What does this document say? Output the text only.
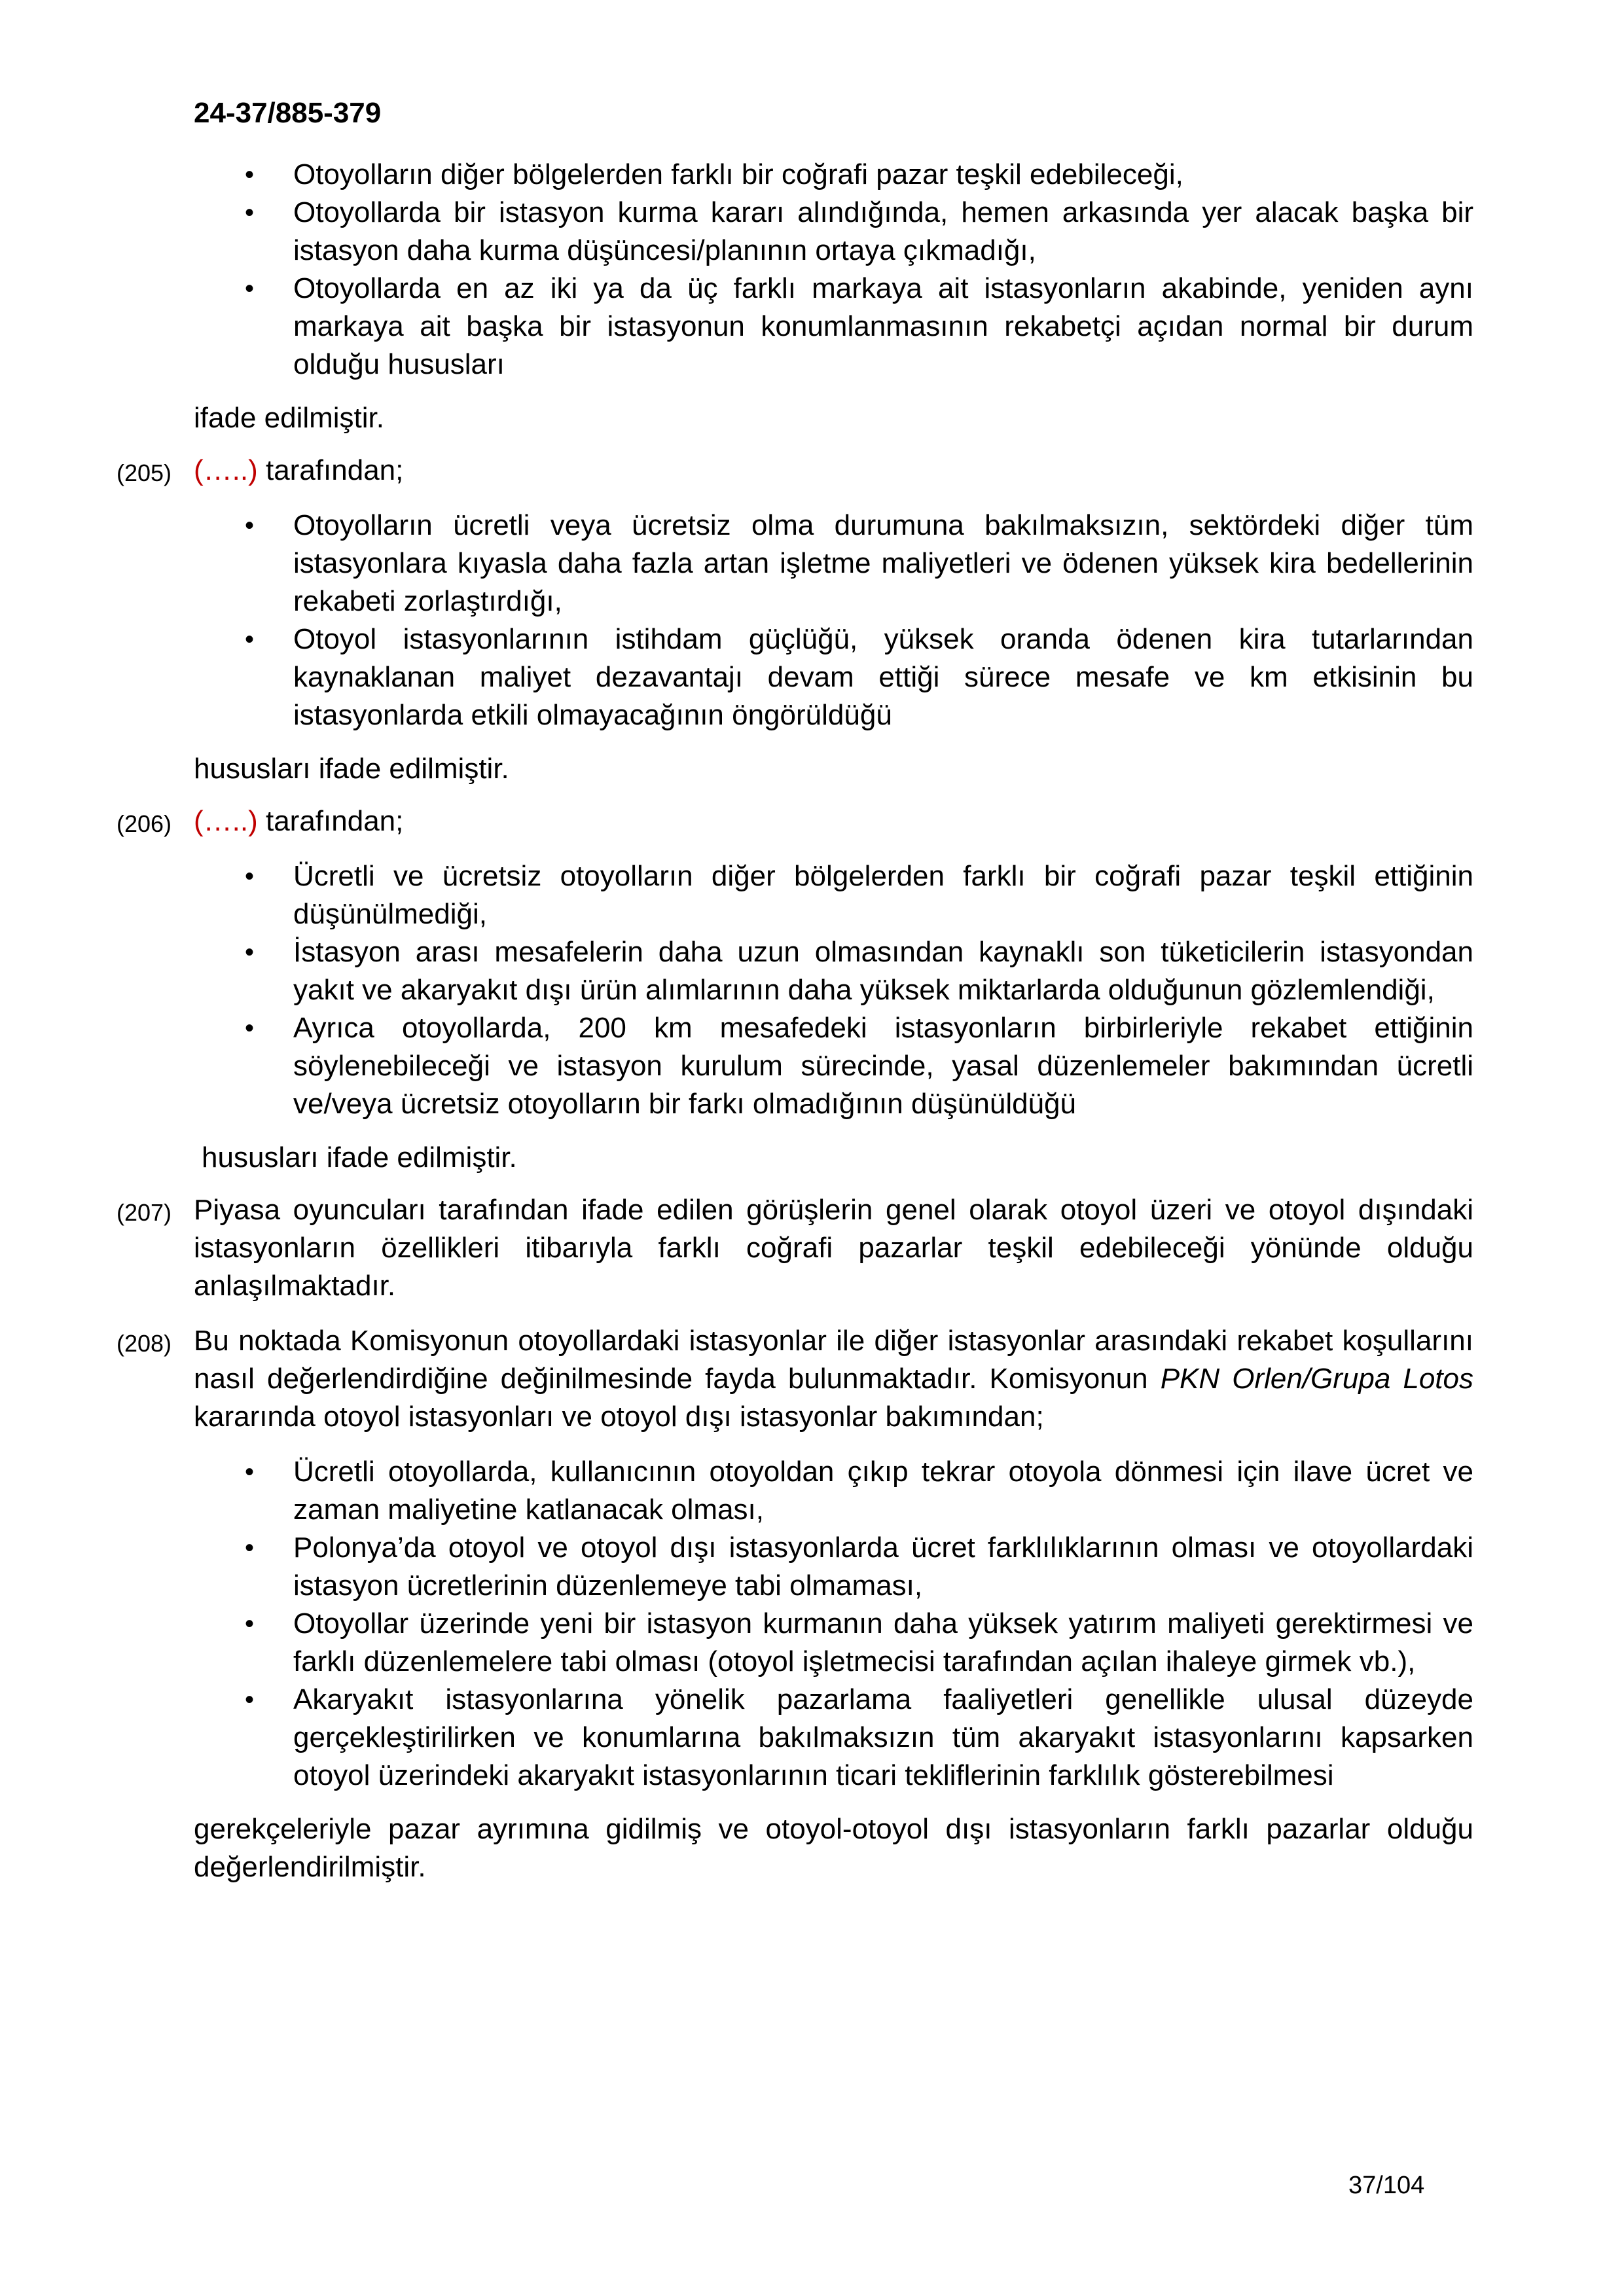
24-37/885-379
• Otoyolların diğer bölgelerden farklı bir coğrafi pazar teşkil edebileceği,
• Otoyollarda bir istasyon kurma kararı alındığında, hemen arkasında yer alacak başka bir istasyon daha kurma düşüncesi/planının ortaya çıkmadığı,
• Otoyollarda en az iki ya da üç farklı markaya ait istasyonların akabinde, yeniden aynı markaya ait başka bir istasyonun konumlanmasının rekabetçi açıdan normal bir durum olduğu hususları
ifade edilmiştir.
(205) (…..) tarafından;
• Otoyolların ücretli veya ücretsiz olma durumuna bakılmaksızın, sektördeki diğer tüm istasyonlara kıyasla daha fazla artan işletme maliyetleri ve ödenen yüksek kira bedellerinin rekabeti zorlaştırdığı,
• Otoyol istasyonlarının istihdam güçlüğü, yüksek oranda ödenen kira tutarlarından kaynaklanan maliyet dezavantajı devam ettiği sürece mesafe ve km etkisinin bu istasyonlarda etkili olmayacağının öngörüldüğü
hususları ifade edilmiştir.
(206) (…..) tarafından;
• Ücretli ve ücretsiz otoyolların diğer bölgelerden farklı bir coğrafi pazar teşkil ettiğinin düşünülmediği,
• İstasyon arası mesafelerin daha uzun olmasından kaynaklı son tüketicilerin istasyondan yakıt ve akaryakıt dışı ürün alımlarının daha yüksek miktarlarda olduğunun gözlemlendiği,
• Ayrıca otoyollarda, 200 km mesafedeki istasyonların birbirleriyle rekabet ettiğinin söylenebileceği ve istasyon kurulum sürecinde, yasal düzenlemeler bakımından ücretli ve/veya ücretsiz otoyolların bir farkı olmadığının düşünüldüğü
hususları ifade edilmiştir.
(207) Piyasa oyuncuları tarafından ifade edilen görüşlerin genel olarak otoyol üzeri ve otoyol dışındaki istasyonların özellikleri itibarıyla farklı coğrafi pazarlar teşkil edebileceği yönünde olduğu anlaşılmaktadır.
(208) Bu noktada Komisyonun otoyollardaki istasyonlar ile diğer istasyonlar arasındaki rekabet koşullarını nasıl değerlendirdiğine değinilmesinde fayda bulunmaktadır. Komisyonun PKN Orlen/Grupa Lotos kararında otoyol istasyonları ve otoyol dışı istasyonlar bakımından;
• Ücretli otoyollarda, kullanıcının otoyoldan çıkıp tekrar otoyola dönmesi için ilave ücret ve zaman maliyetine katlanacak olması,
• Polonya’da otoyol ve otoyol dışı istasyonlarda ücret farklılıklarının olması ve otoyollardaki istasyon ücretlerinin düzenlemeye tabi olmaması,
• Otoyollar üzerinde yeni bir istasyon kurmanın daha yüksek yatırım maliyeti gerektirmesi ve farklı düzenlemelere tabi olması (otoyol işletmecisi tarafından açılan ihaleye girmek vb.),
• Akaryakıt istasyonlarına yönelik pazarlama faaliyetleri genellikle ulusal düzeyde gerçekleştirilirken ve konumlarına bakılmaksızın tüm akaryakıt istasyonlarını kapsarken otoyol üzerindeki akaryakıt istasyonlarının ticari tekliflerinin farklılık gösterebilmesi
gerekçeleriyle pazar ayrımına gidilmiş ve otoyol-otoyol dışı istasyonların farklı pazarlar olduğu değerlendirilmiştir.
37/104
